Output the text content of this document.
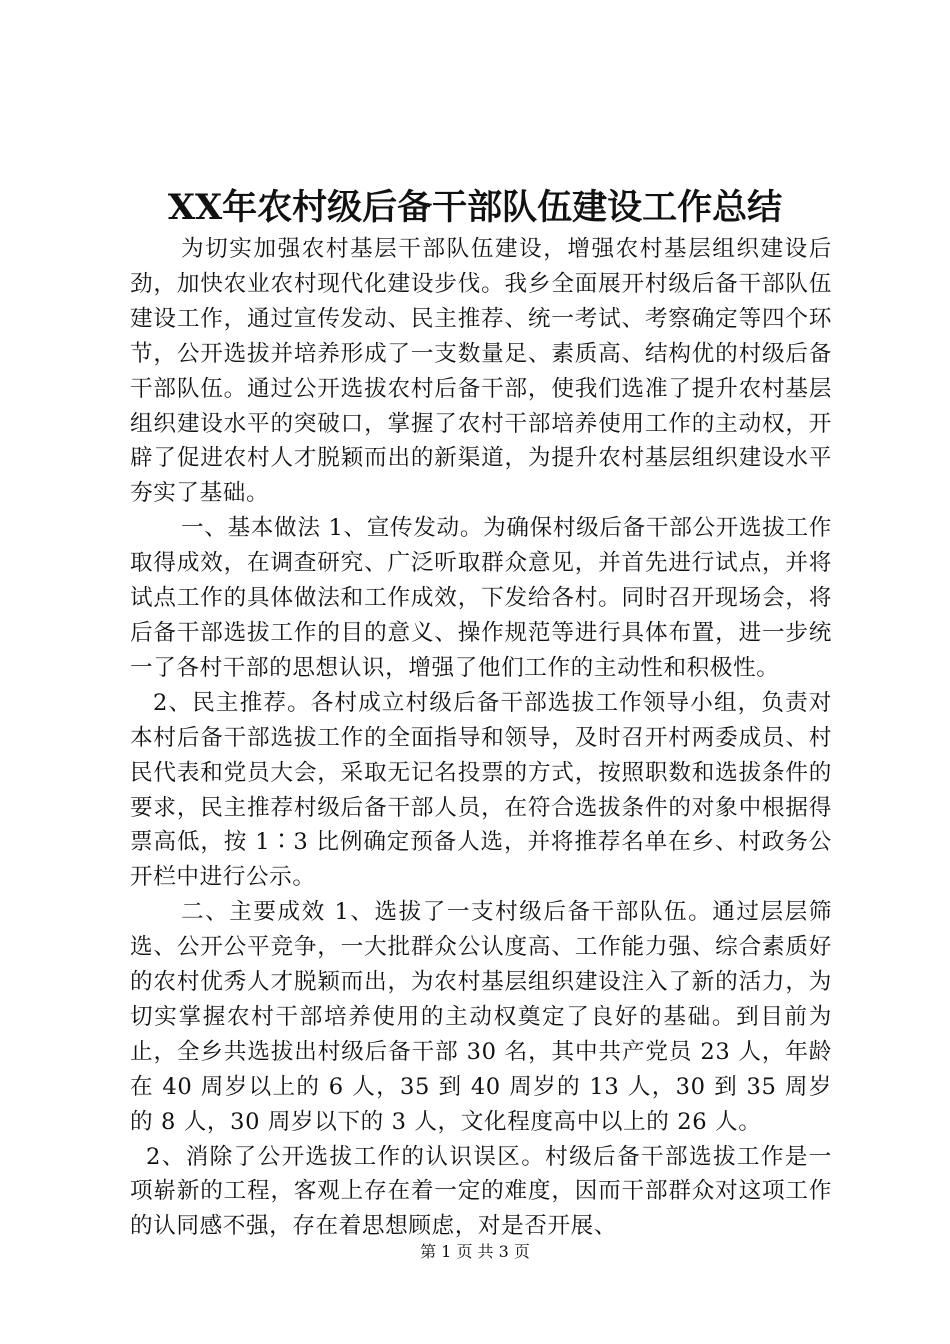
XX年农村级后备干部队伍建设工作总结

为切实加强农村基层干部队伍建设，增强农村基层组织建设后劲，加快农业农村现代化建设步伐。我乡全面展开村级后备干部队伍建设工作，通过宣传发动、民主推荐、统一考试、考察确定等四个环节，公开选拔并培养形成了一支数量足、素质高、结构优的村级后备干部队伍。通过公开选拔农村后备干部，使我们选准了提升农村基层组织建设水平的突破口，掌握了农村干部培养使用工作的主动权，开辟了促进农村人才脱颖而出的新渠道，为提升农村基层组织建设水平夯实了基础。

一、基本做法 1、宣传发动。为确保村级后备干部公开选拔工作取得成效，在调查研究、广泛听取群众意见，并首先进行试点，并将试点工作的具体做法和工作成效，下发给各村。同时召开现场会，将后备干部选拔工作的目的意义、操作规范等进行具体布置，进一步统一了各村干部的思想认识，增强了他们工作的主动性和积极性。

2、民主推荐。各村成立村级后备干部选拔工作领导小组，负责对本村后备干部选拔工作的全面指导和领导，及时召开村两委成员、村民代表和党员大会，采取无记名投票的方式，按照职数和选拔条件的要求，民主推荐村级后备干部人员，在符合选拔条件的对象中根据得票高低，按 1∶3 比例确定预备人选，并将推荐名单在乡、村政务公开栏中进行公示。

二、主要成效 1、选拔了一支村级后备干部队伍。通过层层筛选、公开公平竞争，一大批群众公认度高、工作能力强、综合素质好的农村优秀人才脱颖而出，为农村基层组织建设注入了新的活力，为切实掌握农村干部培养使用的主动权奠定了良好的基础。到目前为止，全乡共选拔出村级后备干部 30 名，其中共产党员 23 人，年龄在 40 周岁以上的 6 人，35 到 40 周岁的 13 人，30 到 35 周岁的 8 人，30 周岁以下的 3 人，文化程度高中以上的 26 人。

2、消除了公开选拔工作的认识误区。村级后备干部选拔工作是一项崭新的工程，客观上存在着一定的难度，因而干部群众对这项工作的认同感不强，存在着思想顾虑，对是否开展、

第 1 页 共 3 页
